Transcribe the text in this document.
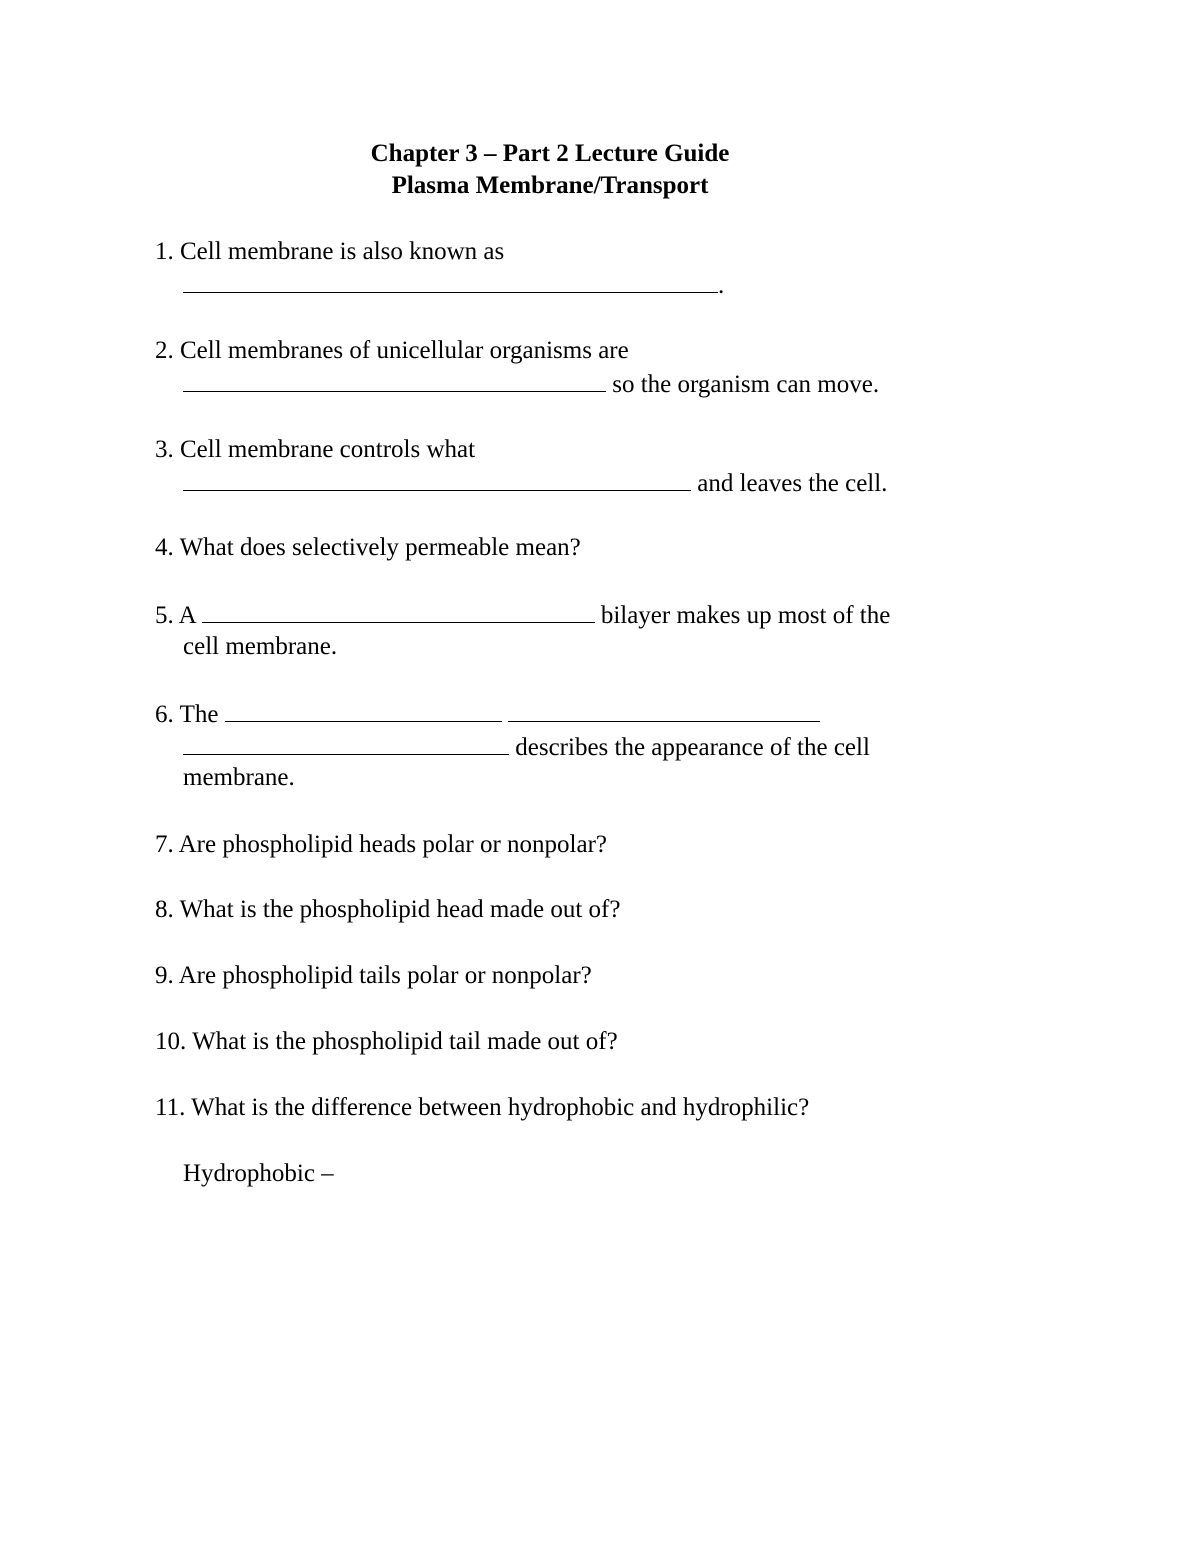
Chapter 3 – Part 2 Lecture Guide
Plasma Membrane/Transport
1. Cell membrane is also known as
.
2. Cell membranes of unicellular organisms are
so the organism can move.
3. Cell membrane controls what
and leaves the cell.
4. What does selectively permeable mean?
5. A	bilayer makes up most of the
cell membrane.
6. The
describes the appearance of the cell
membrane.
7. Are phospholipid heads polar or nonpolar?
8. What is the phospholipid head made out of?
9. Are phospholipid tails polar or nonpolar?
10. What is the phospholipid tail made out of?
11. What is the difference between hydrophobic and hydrophilic?
Hydrophobic –
